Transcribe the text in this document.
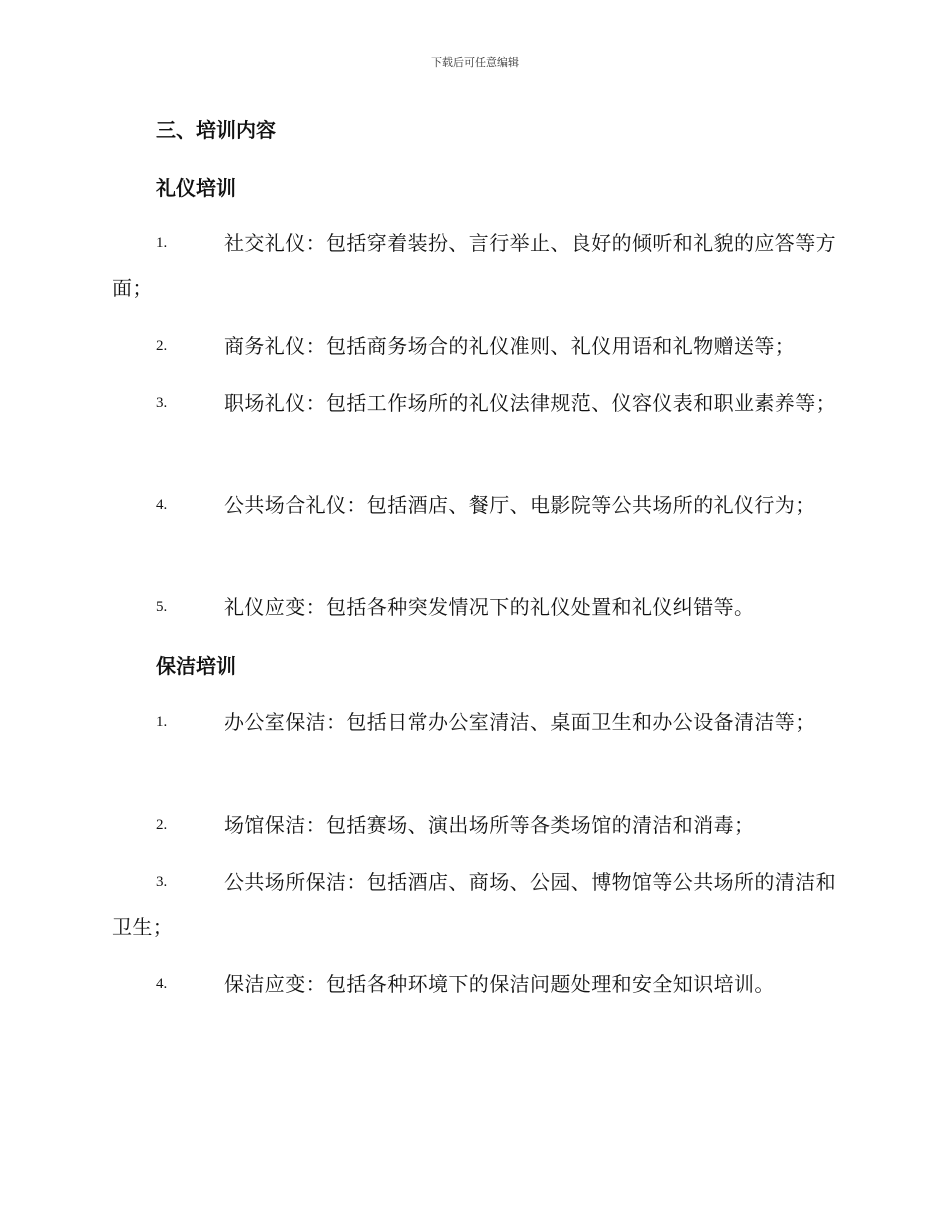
下载后可任意编辑
三、培训内容
礼仪培训
1.	社交礼仪：包括穿着装扮、言行举止、良好的倾听和礼貌的应答等方面；
2.	商务礼仪：包括商务场合的礼仪准则、礼仪用语和礼物赠送等；
3.	职场礼仪：包括工作场所的礼仪法律规范、仪容仪表和职业素养等；
4.	公共场合礼仪：包括酒店、餐厅、电影院等公共场所的礼仪行为；
5.	礼仪应变：包括各种突发情况下的礼仪处置和礼仪纠错等。
保洁培训
1.	办公室保洁：包括日常办公室清洁、桌面卫生和办公设备清洁等；
2.	场馆保洁：包括赛场、演出场所等各类场馆的清洁和消毒；
3.	公共场所保洁：包括酒店、商场、公园、博物馆等公共场所的清洁和卫生；
4.	保洁应变：包括各种环境下的保洁问题处理和安全知识培训。
